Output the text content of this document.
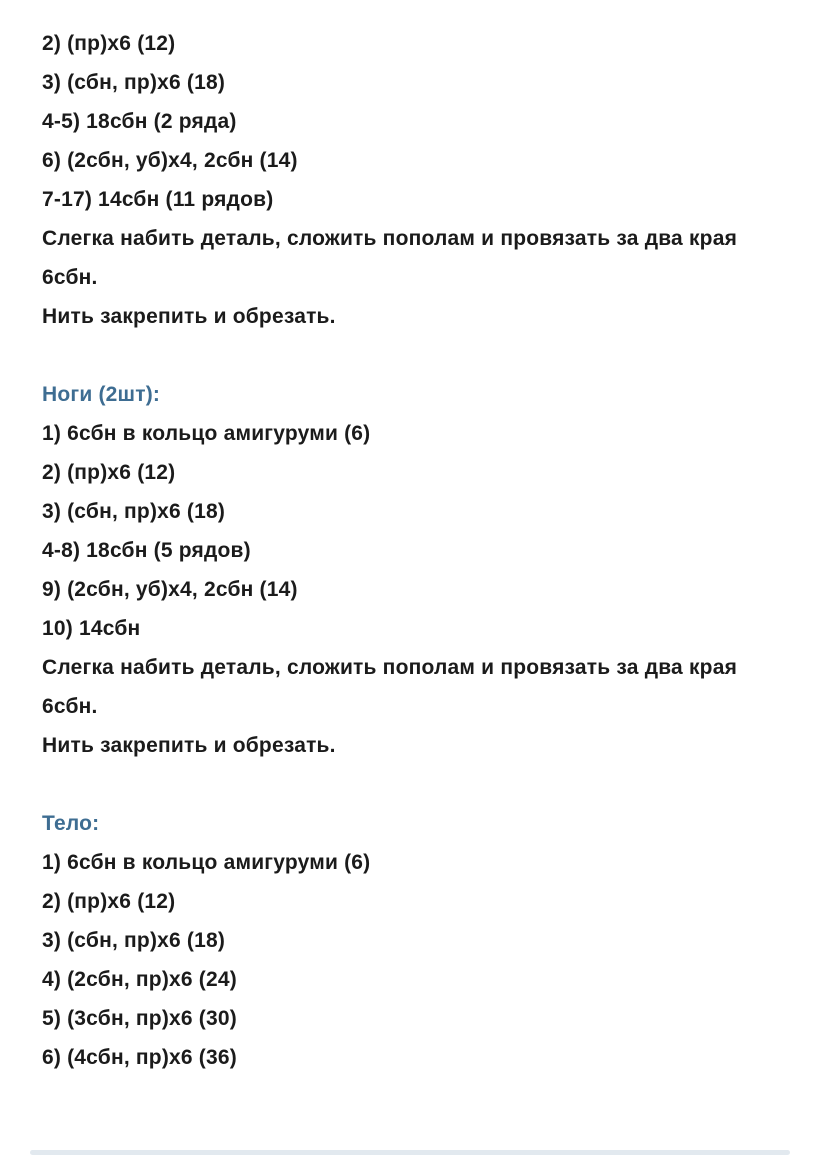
2) (пр)х6 (12)
3) (сбн, пр)х6 (18)
4-5) 18сбн (2 ряда)
6) (2сбн, уб)х4, 2сбн (14)
7-17) 14сбн (11 рядов)
Слегка набить деталь, сложить пополам и провязать за два края
6сбн.
Нить закрепить и обрезать.
Ноги (2шт):
1) 6сбн в кольцо амигуруми (6)
2) (пр)х6 (12)
3) (сбн, пр)х6 (18)
4-8) 18сбн (5 рядов)
9) (2сбн, уб)х4, 2сбн (14)
10) 14сбн
Слегка набить деталь, сложить пополам и провязать за два края
6сбн.
Нить закрепить и обрезать.
Тело:
1) 6сбн в кольцо амигуруми (6)
2) (пр)х6 (12)
3) (сбн, пр)х6 (18)
4) (2сбн, пр)х6 (24)
5) (3сбн, пр)х6 (30)
6) (4сбн, пр)х6 (36)
